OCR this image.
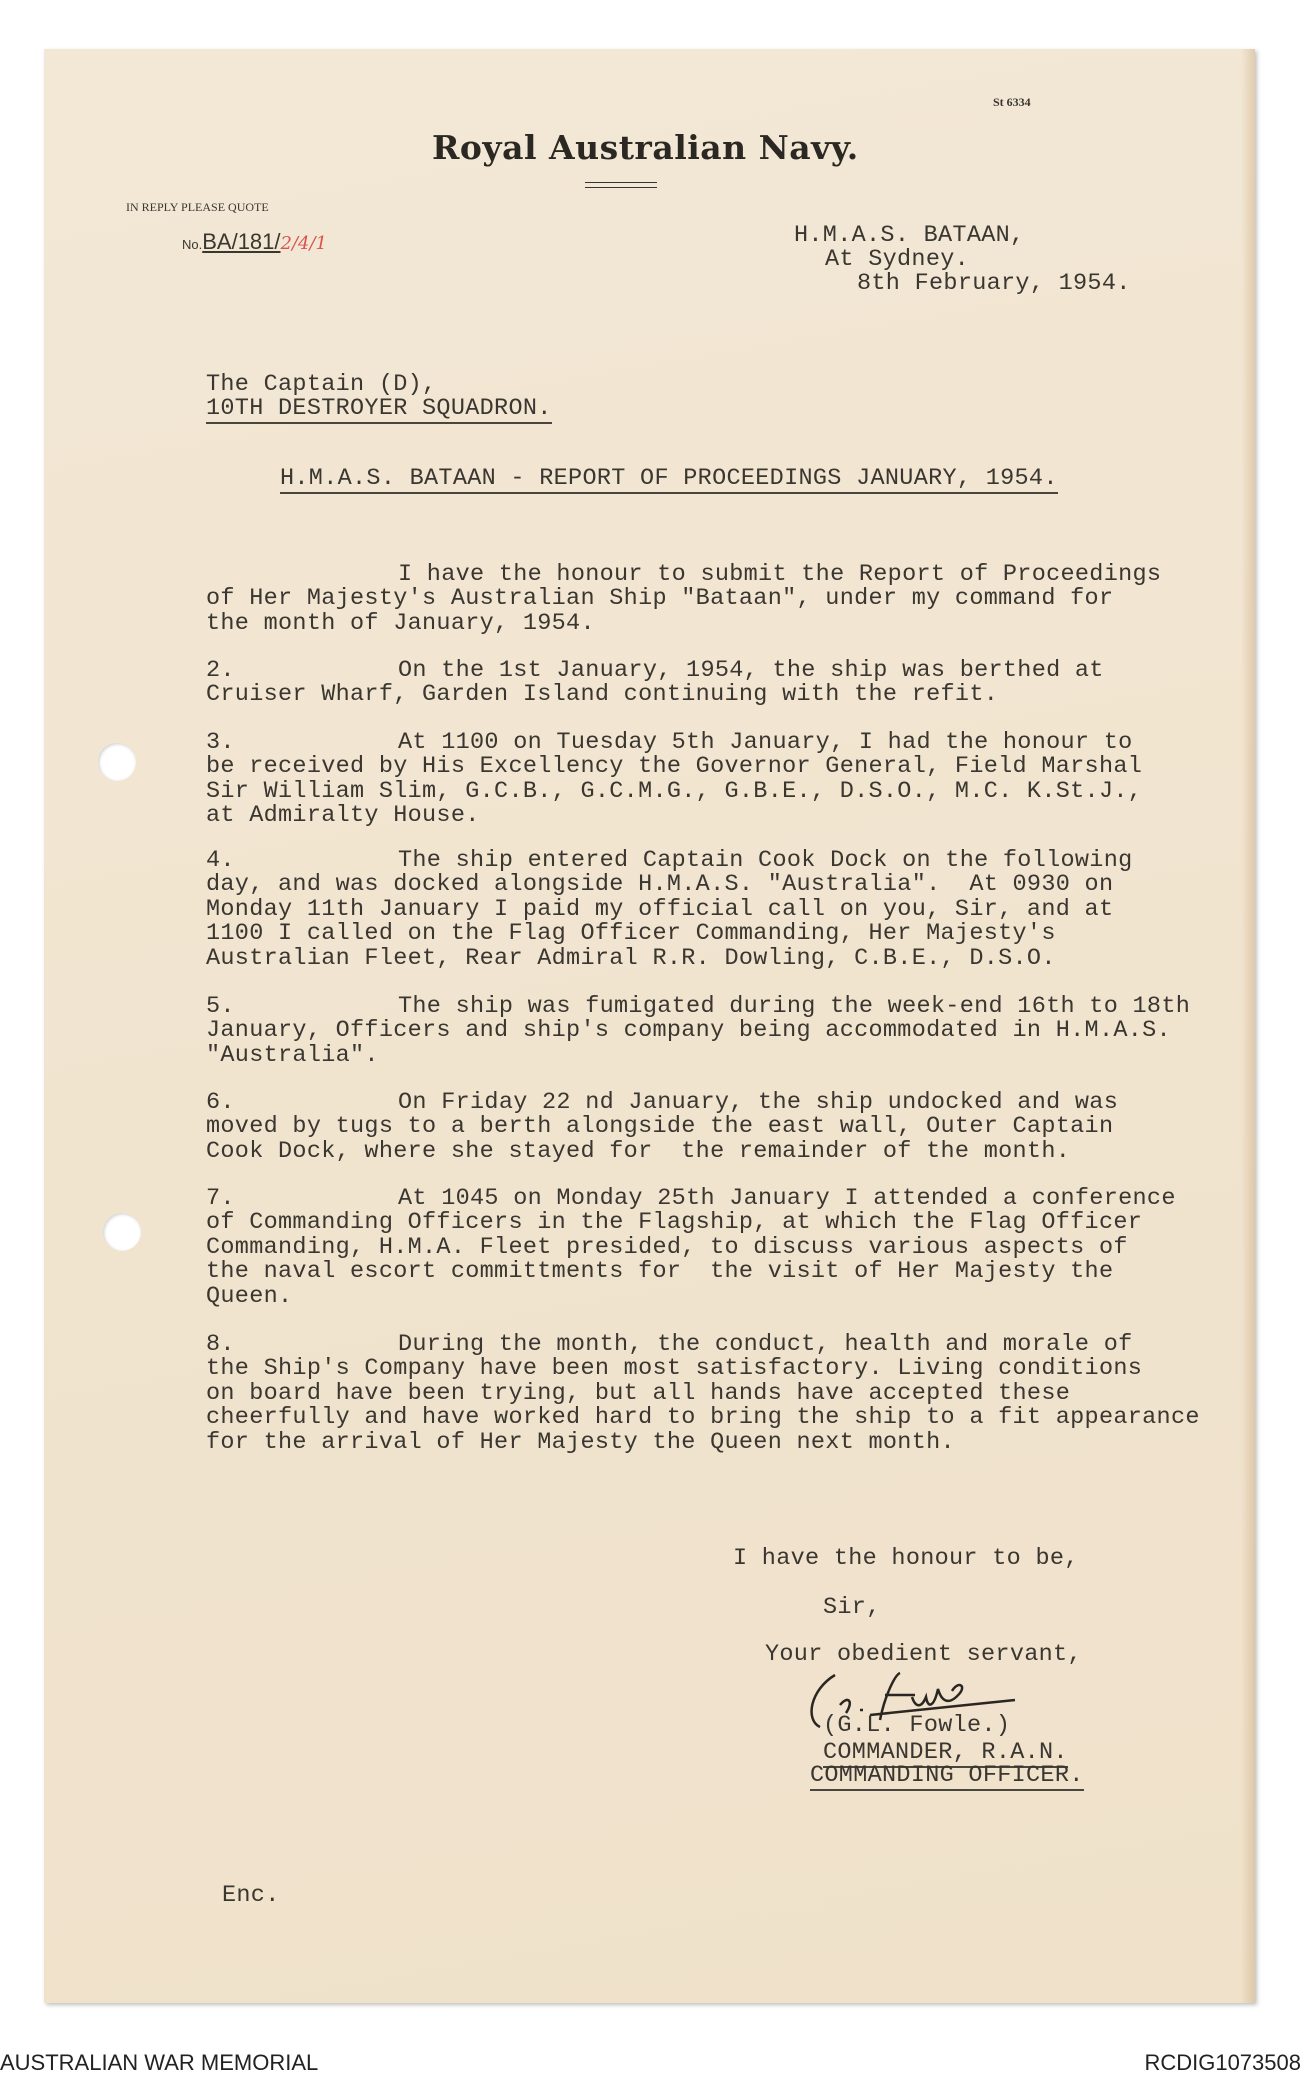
St 6334
Royal Australian Navy.
IN REPLY PLEASE QUOTE
No.BA/181/2/4/1	H.M.A.S. BATAAN,
At Sydney.
8th February, 1954.
The Captain (D),
10TH DESTROYER SQUADRON.
H.M.A.S. BATAAN - REPORT OF PROCEEDINGS JANUARY, 1954.
I have the honour to submit the Report of Proceedings
of Her Majesty's Australian Ship "Bataan", under my command for
the month of January, 1954.
2.	On the 1st January, 1954, the ship was berthed at
Cruiser Wharf, Garden Island continuing with the refit.
3.	At 1100 on Tuesday 5th January, I had the honour to
be received by His Excellency the Governor General, Field Marshal
Sir William Slim, G.C.B., G.C.M.G., G.B.E., D.S.O., M.C. K.St.J.,
at Admiralty House.
4.	The ship entered Captain Cook Dock on the following
day, and was docked alongside H.M.A.S. "Australia".  At 0930 on
Monday 11th January I paid my official call on you, Sir, and at
1100 I called on the Flag Officer Commanding, Her Majesty's
Australian Fleet, Rear Admiral R.R. Dowling, C.B.E., D.S.O.
5.	The ship was fumigated during the week-end 16th to 18th
January, Officers and ship's company being accommodated in H.M.A.S.
"Australia".
6.	On Friday 22 nd January, the ship undocked and was
moved by tugs to a berth alongside the east wall, Outer Captain
Cook Dock, where she stayed for  the remainder of the month.
7.	At 1045 on Monday 25th January I attended a conference
of Commanding Officers in the Flagship, at which the Flag Officer
Commanding, H.M.A. Fleet presided, to discuss various aspects of
the naval escort committments for  the visit of Her Majesty the
Queen.
8.	During the month, the conduct, health and morale of
the Ship's Company have been most satisfactory. Living conditions
on board have been trying, but all hands have accepted these
cheerfully and have worked hard to bring the ship to a fit appearance
for the arrival of Her Majesty the Queen next month.
I have the honour to be,
Sir,
Your obedient servant,
(G.L. Fowle.)
COMMANDER, R.A.N.
COMMANDING OFFICER.
Enc.
AUSTRALIAN WAR MEMORIAL	RCDIG1073508
